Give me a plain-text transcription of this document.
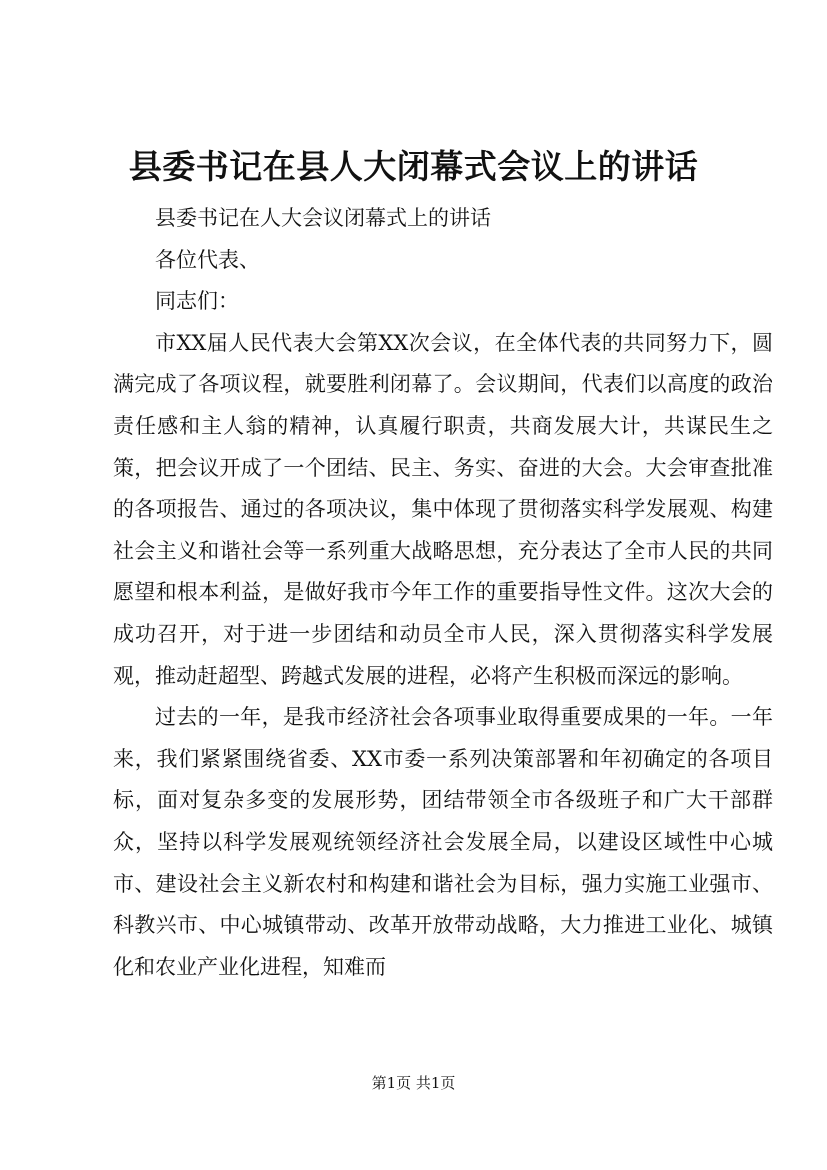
县委书记在县人大闭幕式会议上的讲话

县委书记在人大会议闭幕式上的讲话

各位代表、

同志们：

市XX届人民代表大会第XX次会议，在全体代表的共同努力下，圆满完成了各项议程，就要胜利闭幕了。会议期间，代表们以高度的政治责任感和主人翁的精神，认真履行职责，共商发展大计，共谋民生之策，把会议开成了一个团结、民主、务实、奋进的大会。大会审查批准的各项报告、通过的各项决议，集中体现了贯彻落实科学发展观、构建社会主义和谐社会等一系列重大战略思想，充分表达了全市人民的共同愿望和根本利益，是做好我市今年工作的重要指导性文件。这次大会的成功召开，对于进一步团结和动员全市人民，深入贯彻落实科学发展观，推动赶超型、跨越式发展的进程，必将产生积极而深远的影响。

过去的一年，是我市经济社会各项事业取得重要成果的一年。一年来，我们紧紧围绕省委、XX市委一系列决策部署和年初确定的各项目标，面对复杂多变的发展形势，团结带领全市各级班子和广大干部群众，坚持以科学发展观统领经济社会发展全局，以建设区域性中心城市、建设社会主义新农村和构建和谐社会为目标，强力实施工业强市、科教兴市、中心城镇带动、改革开放带动战略，大力推进工业化、城镇化和农业产业化进程，知难而

第1页 共1页
